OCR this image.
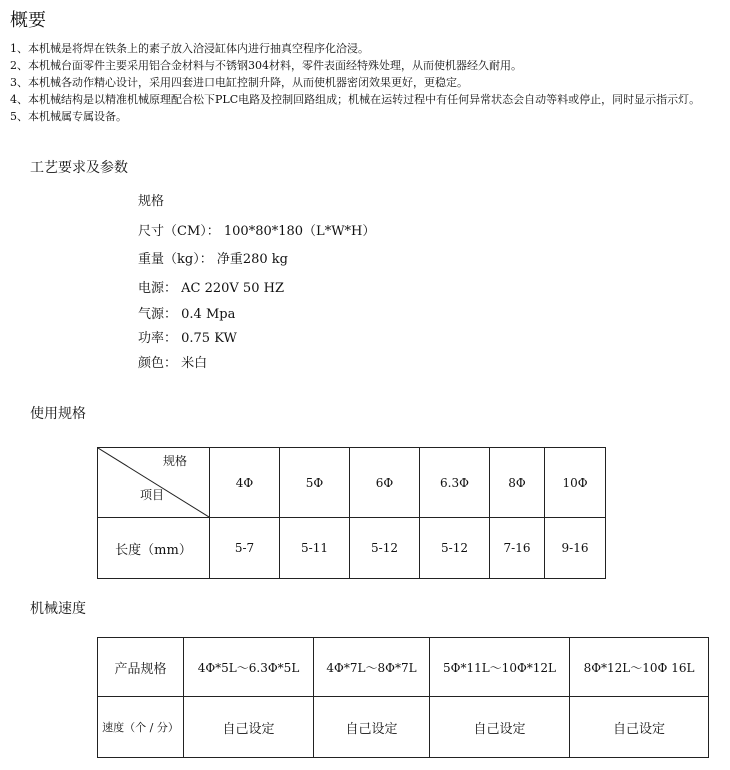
概要
1、本机械是将焊在铁条上的素子放入洽浸缸体内进行抽真空程序化洽浸。
2、本机械台面零件主要采用铝合金材料与不锈钢304材料，零件表面经特殊处理，从而使机器经久耐用。
3、本机械各动作精心设计，采用四套进口电缸控制升降，从而使机器密闭效果更好，更稳定。
4、本机械结构是以精准机械原理配合松下PLC电路及控制回路组成；机械在运转过程中有任何异常状态会自动等料或停止，同时显示指示灯。
5、本机械属专属设备。
工艺要求及参数
规格
尺寸（CM）： 100*80*180（L*W*H）
重量（kg）： 净重280 kg
电源： AC 220V 50 HZ
气源： 0.4 Mpa
功率： 0.75 KW
颜色： 米白
使用规格
规格
项目	4Φ	5Φ	6Φ	6.3Φ	8Φ	10Φ
长度（mm）	5-7	5-11	5-12	5-12	7-16	9-16
机械速度
产品规格	4Φ*5L～6.3Φ*5L	4Φ*7L～8Φ*7L	5Φ*11L～10Φ*12L	8Φ*12L～10Φ 16L
速度（个 / 分）	自己设定	自己设定	自己设定	自己设定
